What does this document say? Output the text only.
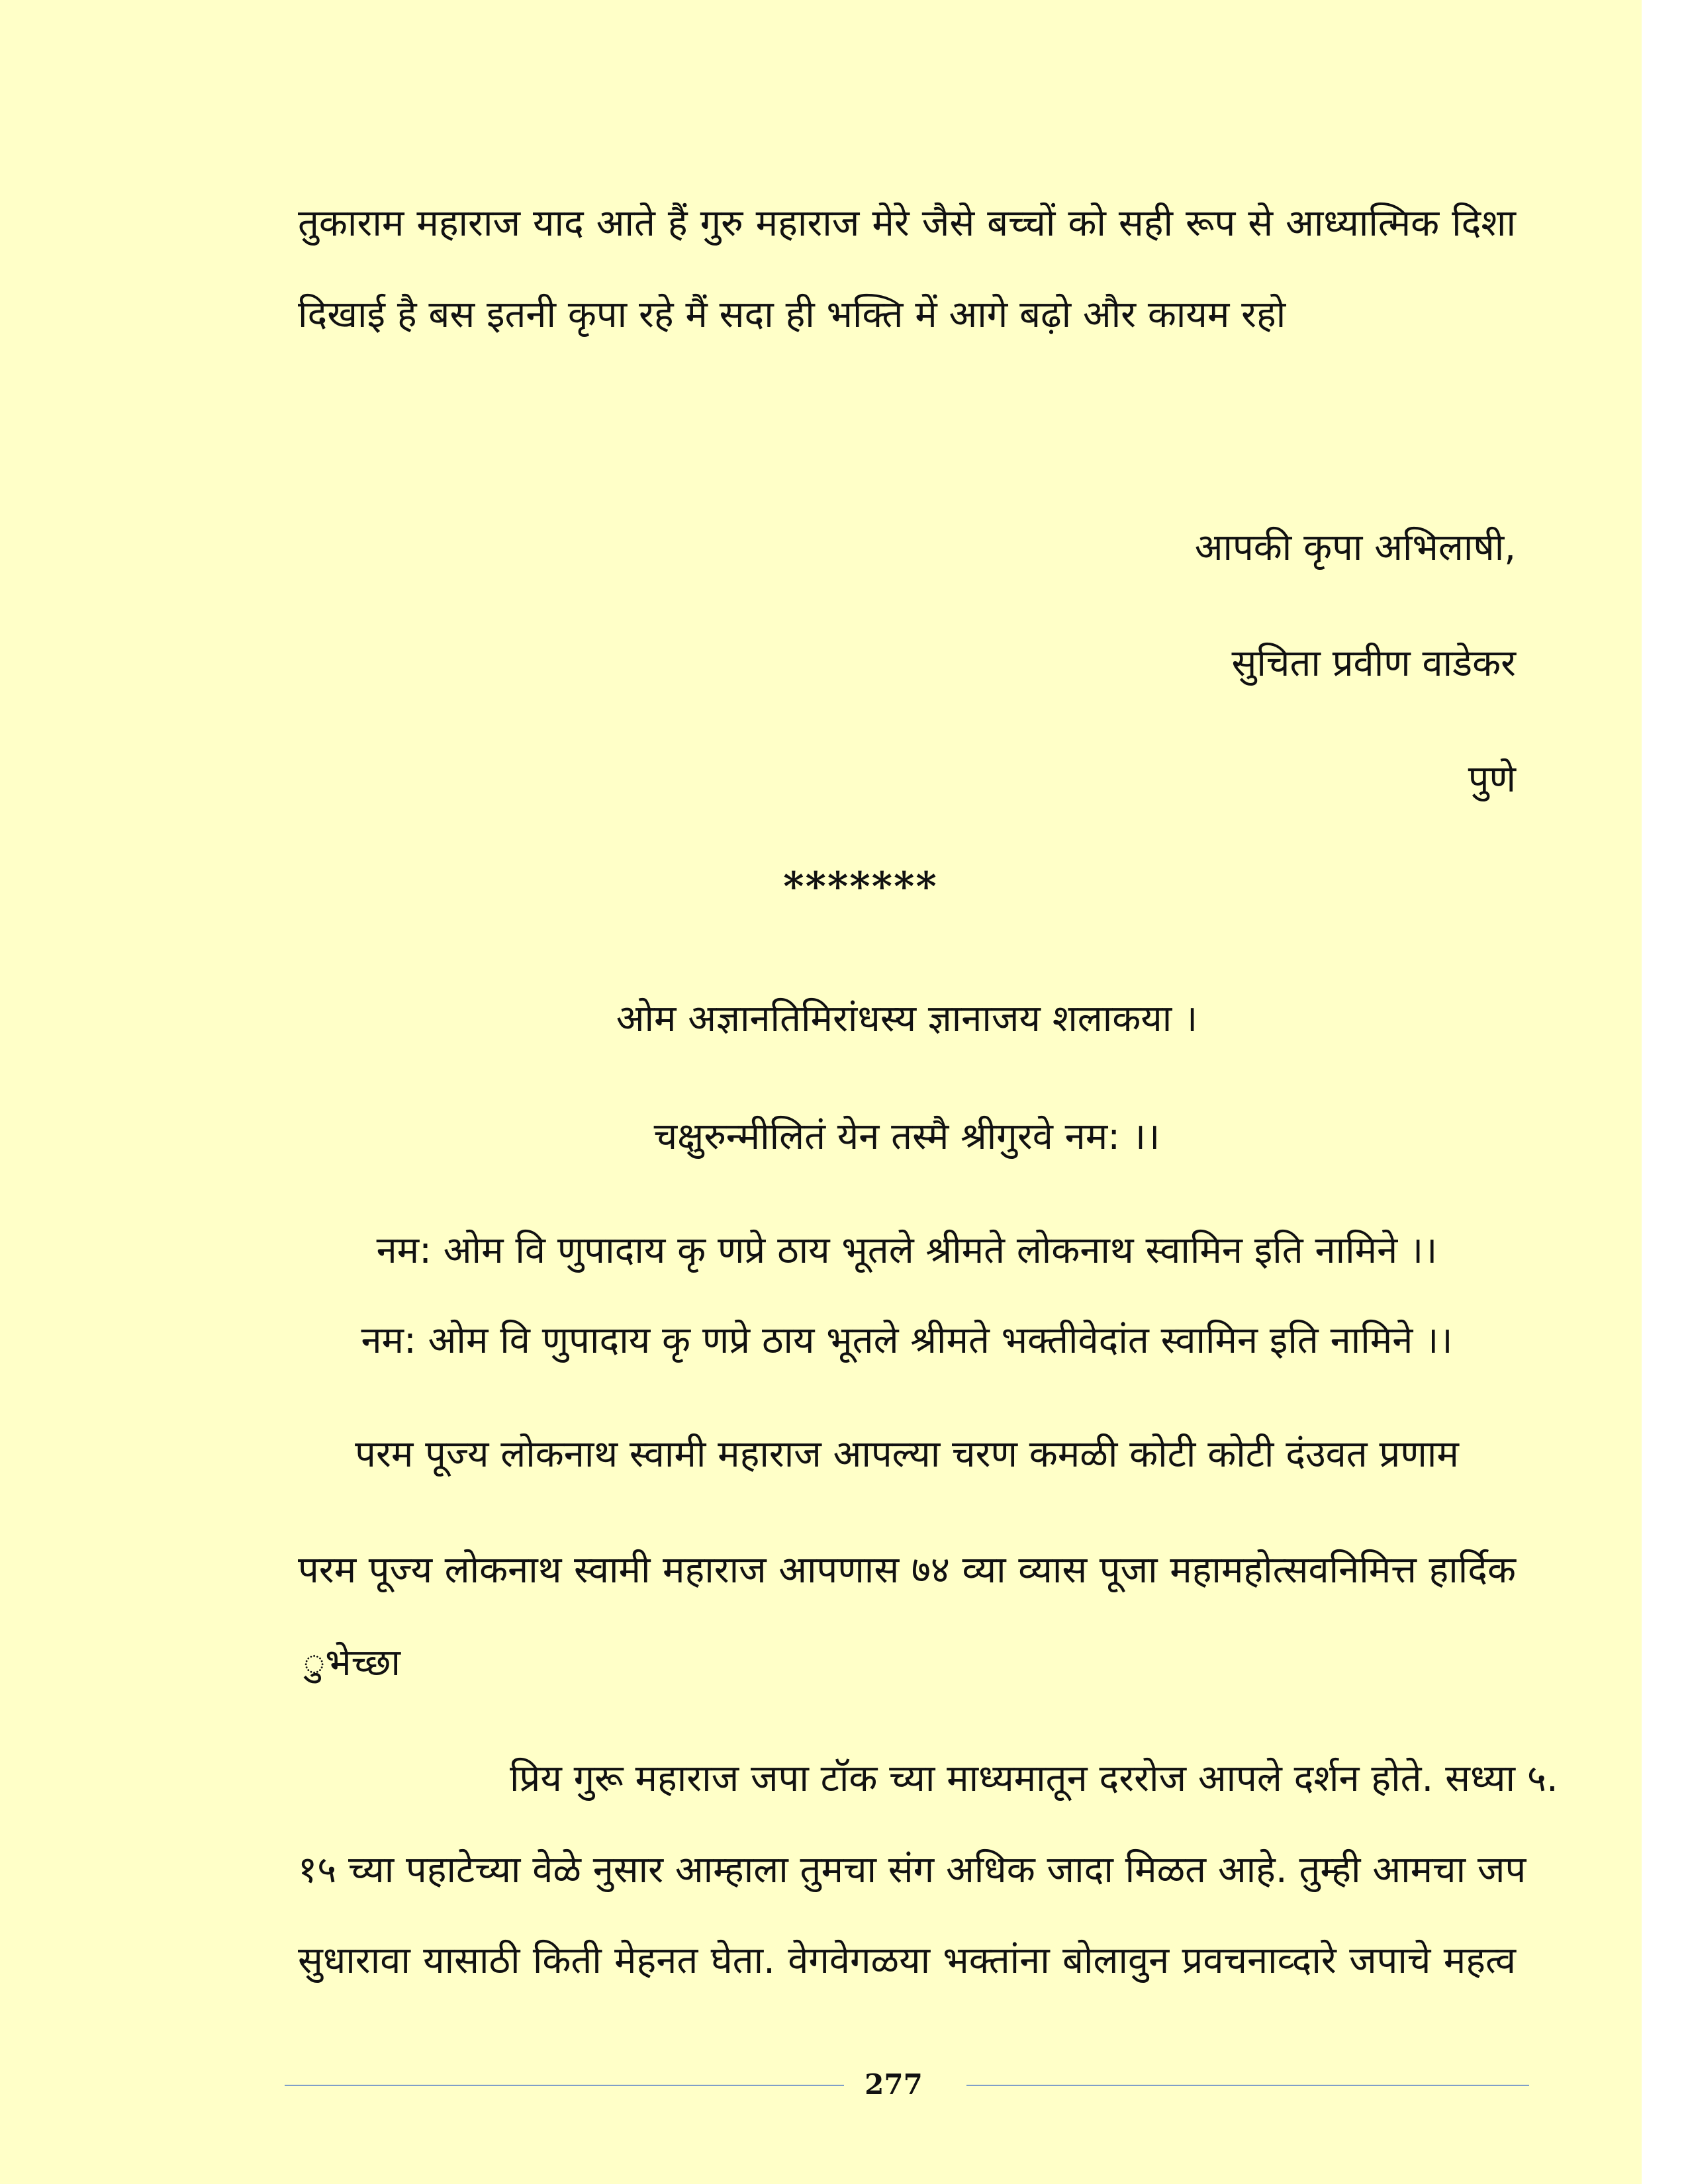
तुकाराम महाराज याद आते हैं गुरु महाराज मेरे जैसे बच्चों को सही रूप से आध्यात्मिक दिशा
दिखाई है बस इतनी कृपा रहे मैं सदा ही भक्ति में आगे बढ़ो और कायम रहो
आपकी कृपा अभिलाषी,
सुचिता प्रवीण वाडेकर
पुणे
*******
ओम अज्ञानतिमिरांधस्य ज्ञानाजय शलाकया ।
चक्षुरुन्मीलितं येन तस्मै श्रीगुरवे नम: ।।
नम: ओम वि णुपादाय कृ णप्रे ठाय भूतले श्रीमते लोकनाथ स्वामिन इति नामिने ।।
नम: ओम वि णुपादाय कृ णप्रे ठाय भूतले श्रीमते भक्तीवेदांत स्वामिन इति नामिने ।।
परम पूज्य लोकनाथ स्वामी महाराज आपल्या चरण कमळी कोटी कोटी दंउवत प्रणाम
परम पूज्य लोकनाथ स्वामी महाराज आपणास ७४ व्या व्यास पूजा महामहोत्सवनिमित्त हार्दिक
ुभेच्छा
प्रिय गुरू महाराज जपा टॉक च्या माध्यमातून दररोज आपले दर्शन होते. सध्या ५.
१५ च्या पहाटेच्या वेळे नुसार आम्हाला तुमचा संग अधिक जादा मिळत आहे. तुम्ही आमचा जप
सुधारावा यासाठी किती मेहनत घेता. वेगवेगळया भक्तांना बोलावुन प्रवचनाव्दारे जपाचे महत्व
277
